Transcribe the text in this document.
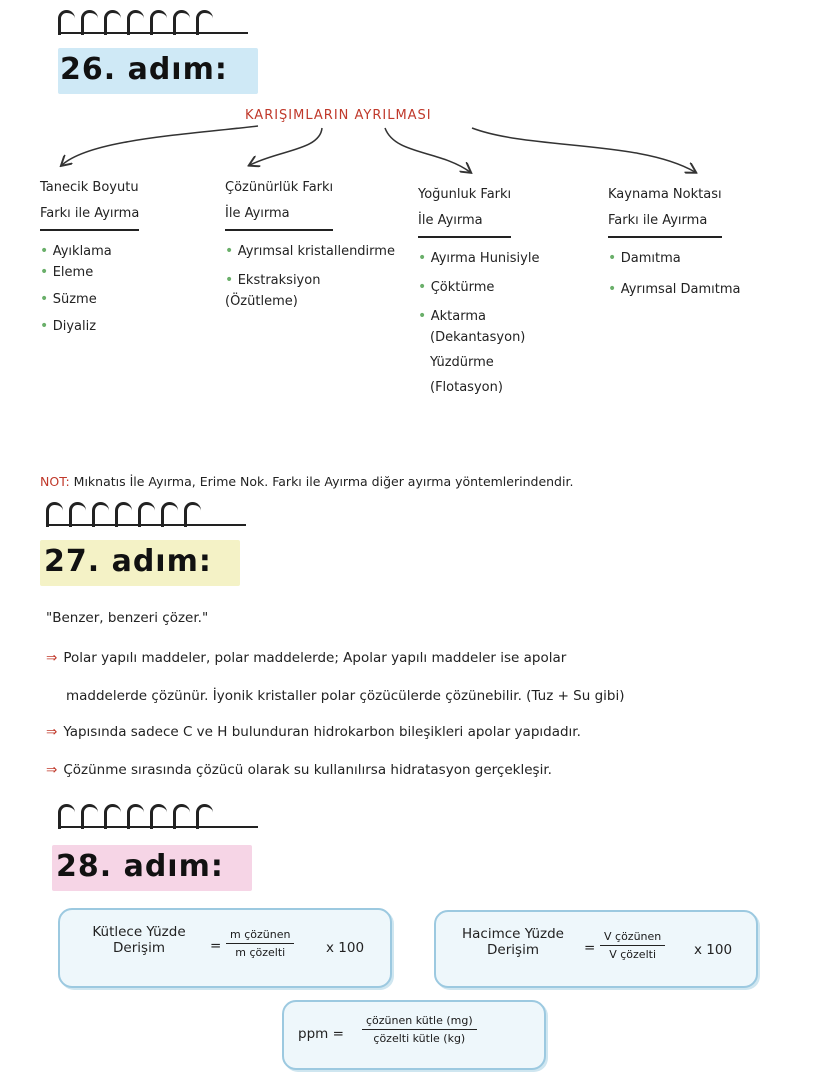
26. adım:
KARIŞIMLARIN AYRILMASI
Tanecik Boyutu
Farkı ile Ayırma
• Ayıklama
• Eleme
• Süzme
• Diyaliz
Çözünürlük Farkı
İle Ayırma
• Ayrımsal kristallendirme
• Ekstraksiyon
(Özütleme)
Yoğunluk Farkı
İle Ayırma
• Ayırma Hunisiyle
• Çöktürme
• Aktarma
(Dekantasyon)
Yüzdürme
(Flotasyon)
Kaynama Noktası
Farkı ile Ayırma
• Damıtma
• Ayrımsal Damıtma
NOT: Mıknatıs İle Ayırma, Erime Nok. Farkı ile Ayırma diğer ayırma yöntemlerindendir.
27. adım:
"Benzer, benzeri çözer."
⇒ Polar yapılı maddeler, polar maddelerde; Apolar yapılı maddeler ise apolar
maddelerde çözünür. İyonik kristaller polar çözücülerde çözünebilir. (Tuz + Su gibi)
⇒ Yapısında sadece C ve H bulunduran hidrokarbon bileşikleri apolar yapıdadır.
⇒ Çözünme sırasında çözücü olarak su kullanılırsa hidratasyon gerçekleşir.
28. adım:
Kütlece Yüzde
Derişim	= $\frac{\text{m çözünen}}{\text{m çözelti}}$ x 100
Hacimce Yüzde
Derişim	= $\frac{\text{V çözünen}}{\text{V çözelti}}$ x 100
ppm = $\frac{\text{çözünen kütle (mg)}}{\text{çözelti kütle (kg)}}$
